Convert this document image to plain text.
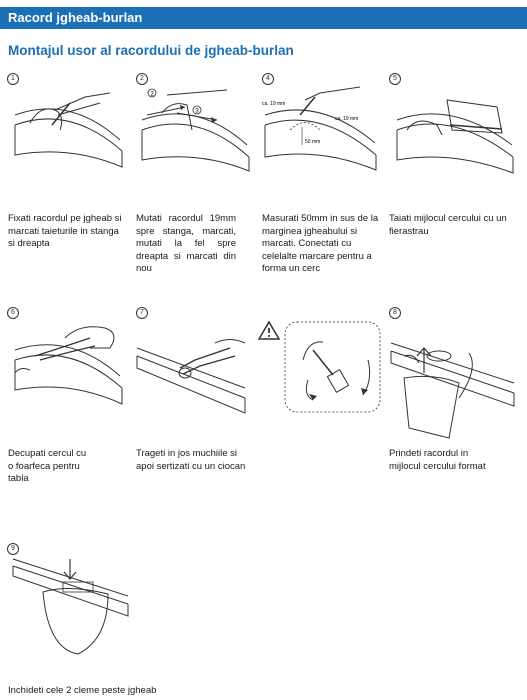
Racord jgheab-burlan
Montajul usor al racordului de jgheab-burlan
1
Fixati racordul pe jgheab si marcati taieturile in stanga si dreapta
2
2
3
Mutati racordul 19mm spre stanga, marcati, mutati la fel spre dreapta si marcati din nou
4
ca. 19 mm
ca. 19 mm
50 mm
Masurati 50mm in sus de la marginea jgheabului si marcati. Conectati cu celelalte marcare pentru a forma un cerc
5
Taiati mijlocul cercului cu un fierastrau
6
Decupati cercul cu o foarfeca pentru tabla
7
Trageti in jos muchiile si apoi sertizati cu un ciocan
8
Prindeti racordul in mijlocul cercului format
9
Inchideti cele 2 cleme peste jgheab
